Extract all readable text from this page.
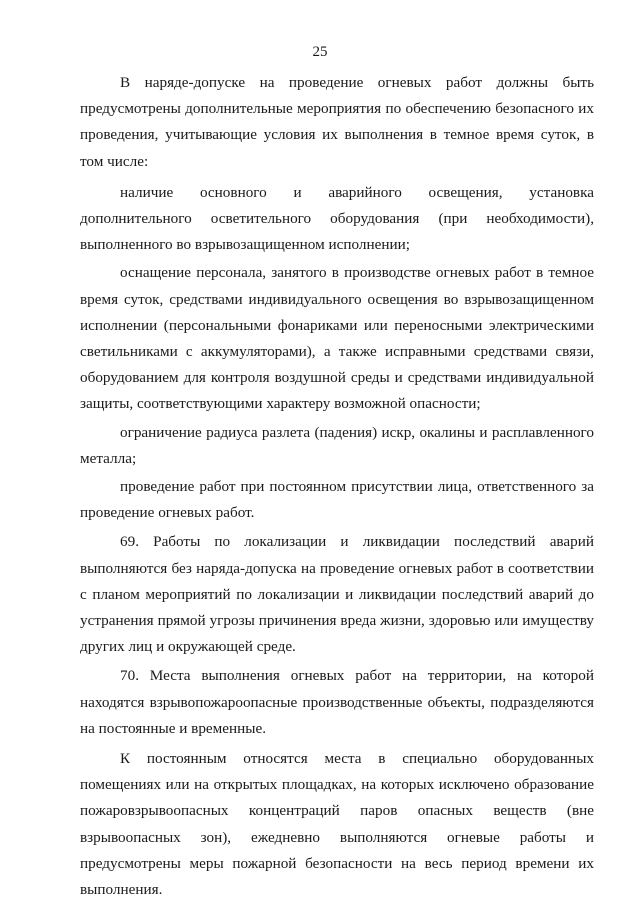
25

В наряде-допуске на проведение огневых работ должны быть предусмотрены дополнительные мероприятия по обеспечению безопасного их проведения, учитывающие условия их выполнения в темное время суток, в том числе:

наличие основного и аварийного освещения, установка дополнительного осветительного оборудования (при необходимости), выполненного во взрывозащищенном исполнении;

оснащение персонала, занятого в производстве огневых работ в темное время суток, средствами индивидуального освещения во взрывозащищенном исполнении (персональными фонариками или переносными электрическими светильниками с аккумуляторами), а также исправными средствами связи, оборудованием для контроля воздушной среды и средствами индивидуальной защиты, соответствующими характеру возможной опасности;

ограничение радиуса разлета (падения) искр, окалины и расплавленного металла;

проведение работ при постоянном присутствии лица, ответственного за проведение огневых работ.

69. Работы по локализации и ликвидации последствий аварий выполняются без наряда-допуска на проведение огневых работ в соответствии с планом мероприятий по локализации и ликвидации последствий аварий до устранения прямой угрозы причинения вреда жизни, здоровью или имуществу других лиц и окружающей среде.

70. Места выполнения огневых работ на территории, на которой находятся взрывопожароопасные производственные объекты, подразделяются на постоянные и временные.

К постоянным относятся места в специально оборудованных помещениях или на открытых площадках, на которых исключено образование пожаровзрывоопасных концентраций паров опасных веществ (вне взрывоопасных зон), ежедневно выполняются огневые работы и предусмотрены меры пожарной безопасности на весь период времени их выполнения.
